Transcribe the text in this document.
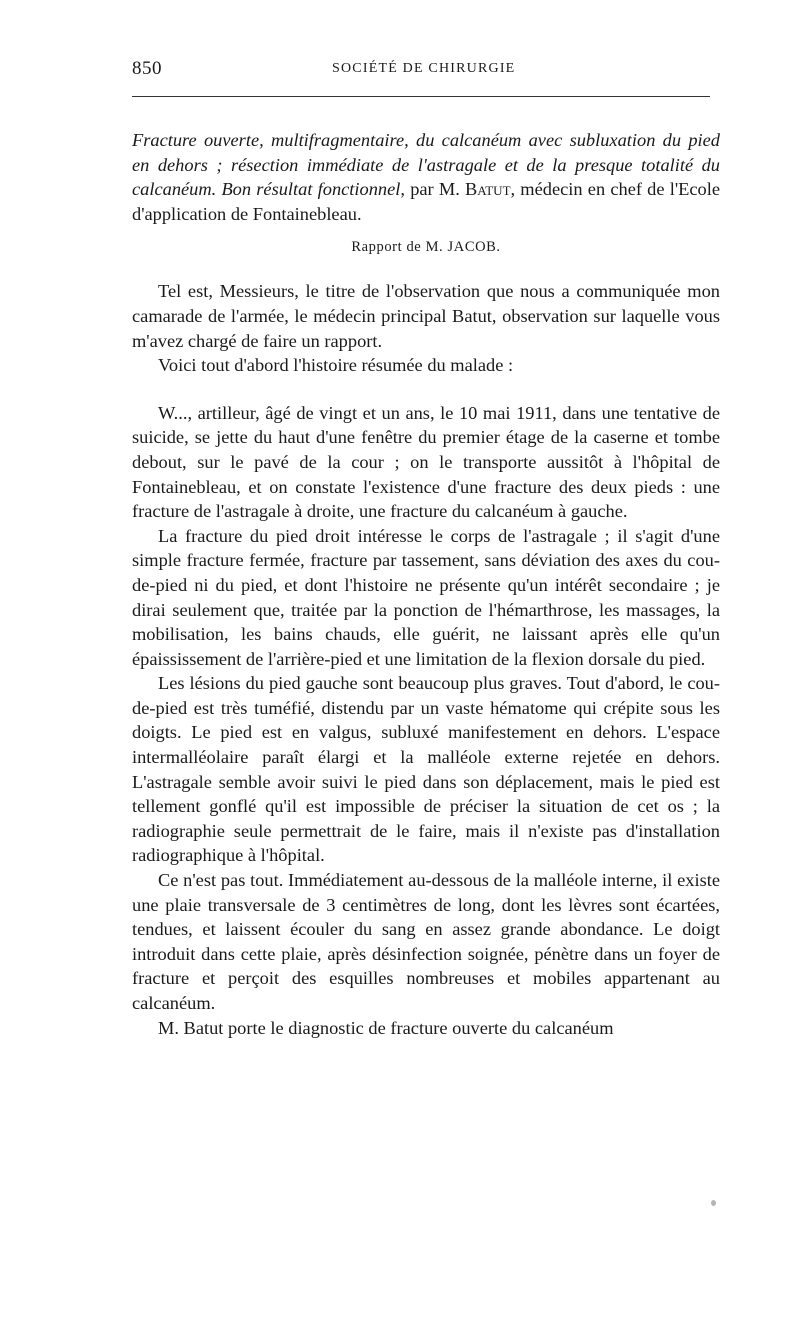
850	SOCIÉTÉ DE CHIRURGIE

Fracture ouverte, multifragmentaire, du calcanéum avec subluxation du pied en dehors ; résection immédiate de l'astragale et de la presque totalité du calcanéum. Bon résultat fonctionnel, par M. Batut, médecin en chef de l'Ecole d'application de Fontainebleau.

Rapport de M. JACOB.

Tel est, Messieurs, le titre de l'observation que nous a communiquée mon camarade de l'armée, le médecin principal Batut, observation sur laquelle vous m'avez chargé de faire un rapport.

Voici tout d'abord l'histoire résumée du malade :

W..., artilleur, âgé de vingt et un ans, le 10 mai 1911, dans une tentative de suicide, se jette du haut d'une fenêtre du premier étage de la caserne et tombe debout, sur le pavé de la cour ; on le transporte aussitôt à l'hôpital de Fontainebleau, et on constate l'existence d'une fracture des deux pieds : une fracture de l'astragale à droite, une fracture du calcanéum à gauche.

La fracture du pied droit intéresse le corps de l'astragale ; il s'agit d'une simple fracture fermée, fracture par tassement, sans déviation des axes du cou-de-pied ni du pied, et dont l'histoire ne présente qu'un intérêt secondaire ; je dirai seulement que, traitée par la ponction de l'hémarthrose, les massages, la mobilisation, les bains chauds, elle guérit, ne laissant après elle qu'un épaississement de l'arrière-pied et une limitation de la flexion dorsale du pied.

Les lésions du pied gauche sont beaucoup plus graves. Tout d'abord, le cou-de-pied est très tuméfié, distendu par un vaste hématome qui crépite sous les doigts. Le pied est en valgus, subluxé manifestement en dehors. L'espace intermalléolaire paraît élargi et la malléole externe rejetée en dehors. L'astragale semble avoir suivi le pied dans son déplacement, mais le pied est tellement gonflé qu'il est impossible de préciser la situation de cet os ; la radiographie seule permettrait de le faire, mais il n'existe pas d'installation radiographique à l'hôpital.

Ce n'est pas tout. Immédiatement au-dessous de la malléole interne, il existe une plaie transversale de 3 centimètres de long, dont les lèvres sont écartées, tendues, et laissent écouler du sang en assez grande abondance. Le doigt introduit dans cette plaie, après désinfection soignée, pénètre dans un foyer de fracture et perçoit des esquilles nombreuses et mobiles appartenant au calcanéum.

M. Batut porte le diagnostic de fracture ouverte du calcanéum
